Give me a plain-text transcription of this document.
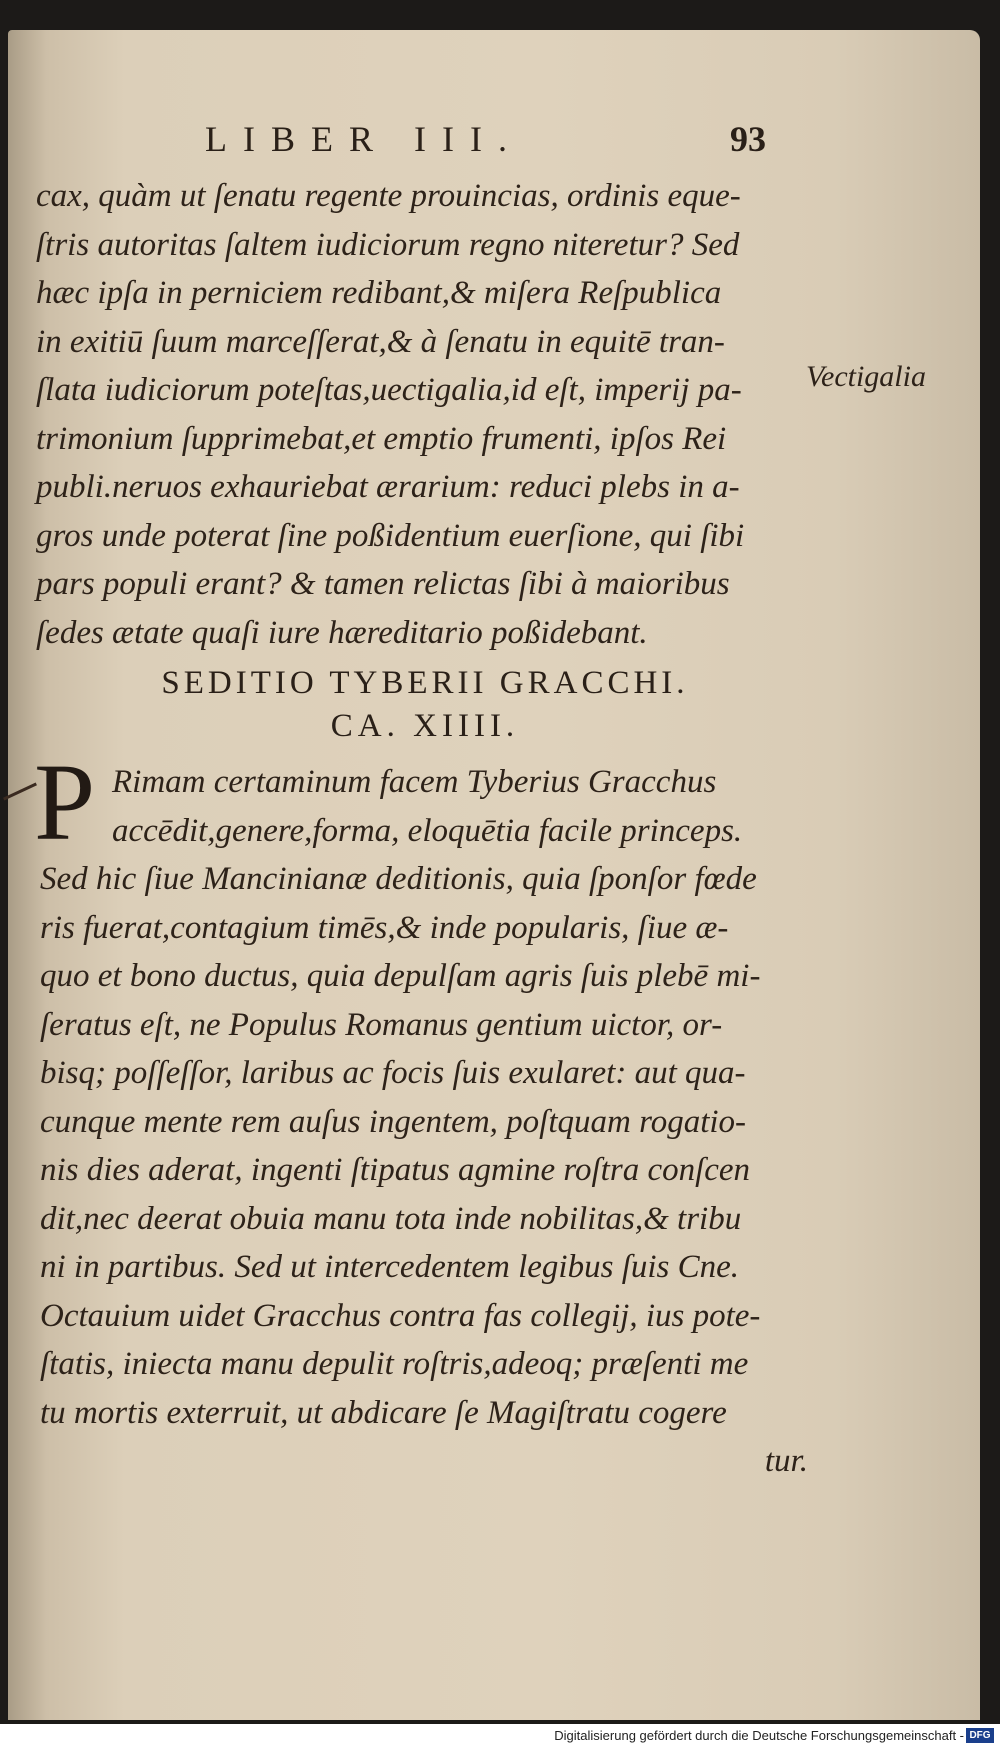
LIBER III.	93
cax, quàm ut ſenatu regente prouincias, ordinis eque-
ſtris autoritas ſaltem iudiciorum regno niteretur? Sed
hæc ipſa in perniciem redibant,& miſera Reſpublica
in exitiū ſuum marceſſerat,& à ſenatu in equitē tran-
ſlata iudiciorum poteſtas,uectigalia,id eſt, imperij pa-
trimonium ſupprimebat,et emptio frumenti, ipſos Rei
publi.neruos exhauriebat ærarium: reduci plebs in a-
gros unde poterat ſine poßidentium euerſione, qui ſibi
pars populi erant? & tamen relictas ſibi à maioribus
ſedes ætate quaſi iure hæreditario poßidebant.
Vectigalia
SEDITIO TYBERII GRACCHI.
CA. XIIII.
P Rimam certaminum facem Tyberius Gracchus
accēdit,genere,forma, eloquētia facile princeps.
Sed hic ſiue Mancinianæ deditionis, quia ſponſor fœde
ris fuerat,contagium timēs,& inde popularis, ſiue æ-
quo et bono ductus, quia depulſam agris ſuis plebē mi-
ſeratus eſt, ne Populus Romanus gentium uictor, or-
bisq; poſſeſſor, laribus ac focis ſuis exularet: aut qua-
cunque mente rem auſus ingentem, poſtquam rogatio-
nis dies aderat, ingenti ſtipatus agmine roſtra conſcen
dit,nec deerat obuia manu tota inde nobilitas,& tribu
ni in partibus. Sed ut intercedentem legibus ſuis Cne.
Octauium uidet Gracchus contra fas collegij, ius pote-
ſtatis, iniecta manu depulit roſtris,adeoq; præſenti me
tu mortis exterruit, ut abdicare ſe Magiſtratu cogere
tur.
Digitalisierung gefördert durch die Deutsche Forschungsgemeinschaft - DFG
